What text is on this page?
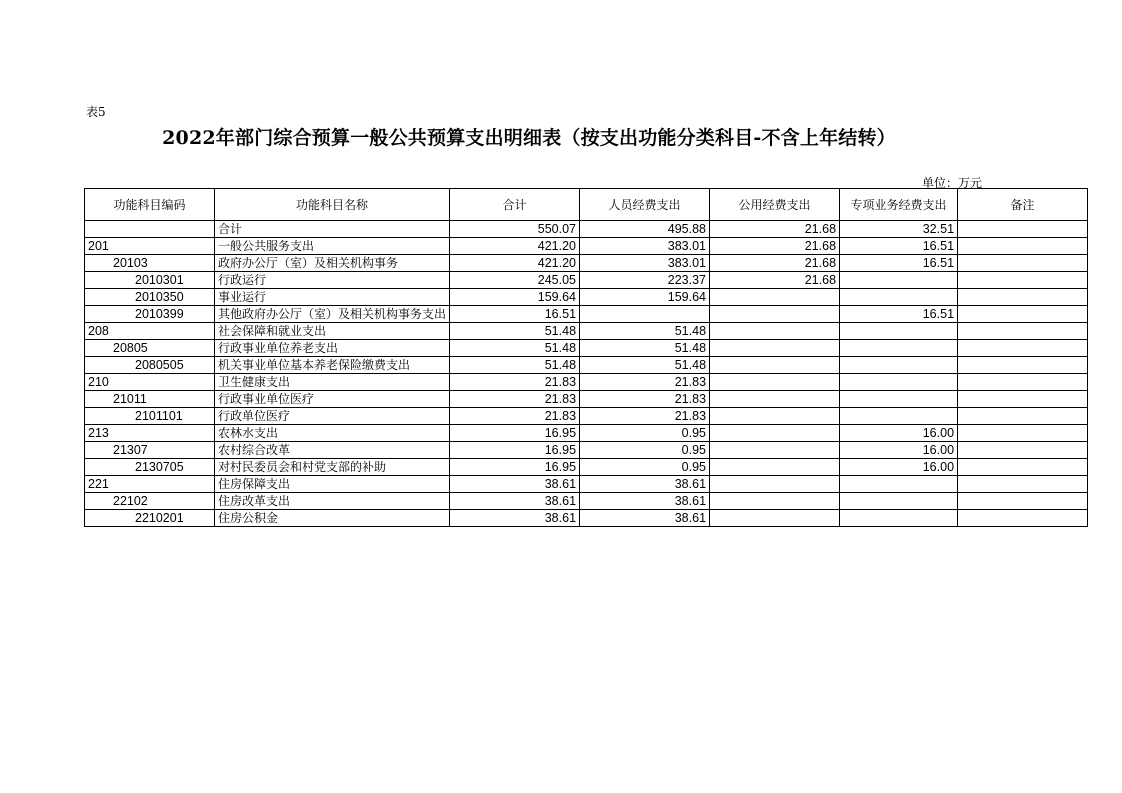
表5
2022年部门综合预算一般公共预算支出明细表（按支出功能分类科目-不含上年结转）
单位：万元
功能科目编码	功能科目名称	合计	人员经费支出	公用经费支出	专项业务经费支出	备注
	合计	550.07	495.88	21.68	32.51	
201	一般公共服务支出	421.20	383.01	21.68	16.51	
20103	政府办公厅（室）及相关机构事务	421.20	383.01	21.68	16.51	
2010301	行政运行	245.05	223.37	21.68		
2010350	事业运行	159.64	159.64			
2010399	其他政府办公厅（室）及相关机构事务支出	16.51			16.51	
208	社会保障和就业支出	51.48	51.48			
20805	行政事业单位养老支出	51.48	51.48			
2080505	机关事业单位基本养老保险缴费支出	51.48	51.48			
210	卫生健康支出	21.83	21.83			
21011	行政事业单位医疗	21.83	21.83			
2101101	行政单位医疗	21.83	21.83			
213	农林水支出	16.95	0.95		16.00	
21307	农村综合改革	16.95	0.95		16.00	
2130705	对村民委员会和村党支部的补助	16.95	0.95		16.00	
221	住房保障支出	38.61	38.61			
22102	住房改革支出	38.61	38.61			
2210201	住房公积金	38.61	38.61			
